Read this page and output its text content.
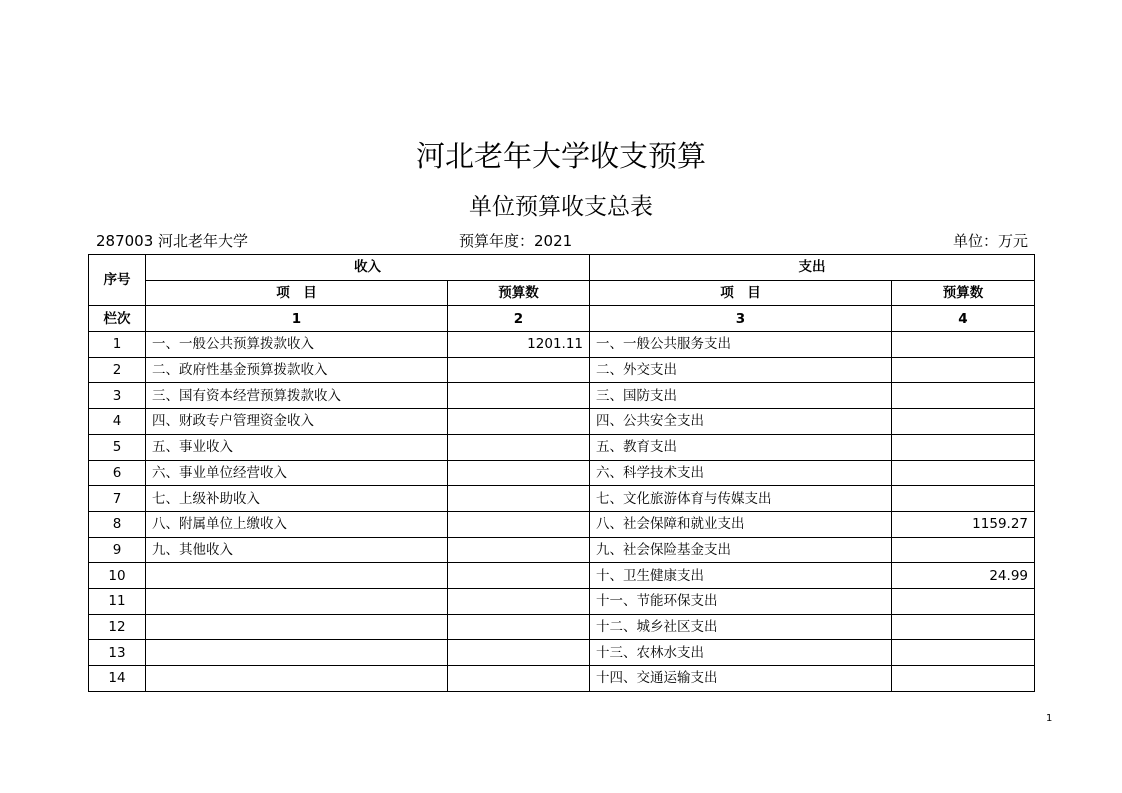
河北老年大学收支预算
单位预算收支总表
287003 河北老年大学	预算年度：2021	单位：万元
序号	收入		支出	
	项　目	预算数	项　目	预算数
栏次	1	2	3	4
1	一、一般公共预算拨款收入	1201.11	一、一般公共服务支出	
2	二、政府性基金预算拨款收入		二、外交支出	
3	三、国有资本经营预算拨款收入		三、国防支出	
4	四、财政专户管理资金收入		四、公共安全支出	
5	五、事业收入		五、教育支出	
6	六、事业单位经营收入		六、科学技术支出	
7	七、上级补助收入		七、文化旅游体育与传媒支出	
8	八、附属单位上缴收入		八、社会保障和就业支出	1159.27
9	九、其他收入		九、社会保险基金支出	
10			十、卫生健康支出	24.99
11			十一、节能环保支出	
12			十二、城乡社区支出	
13			十三、农林水支出	
14			十四、交通运输支出	
1
